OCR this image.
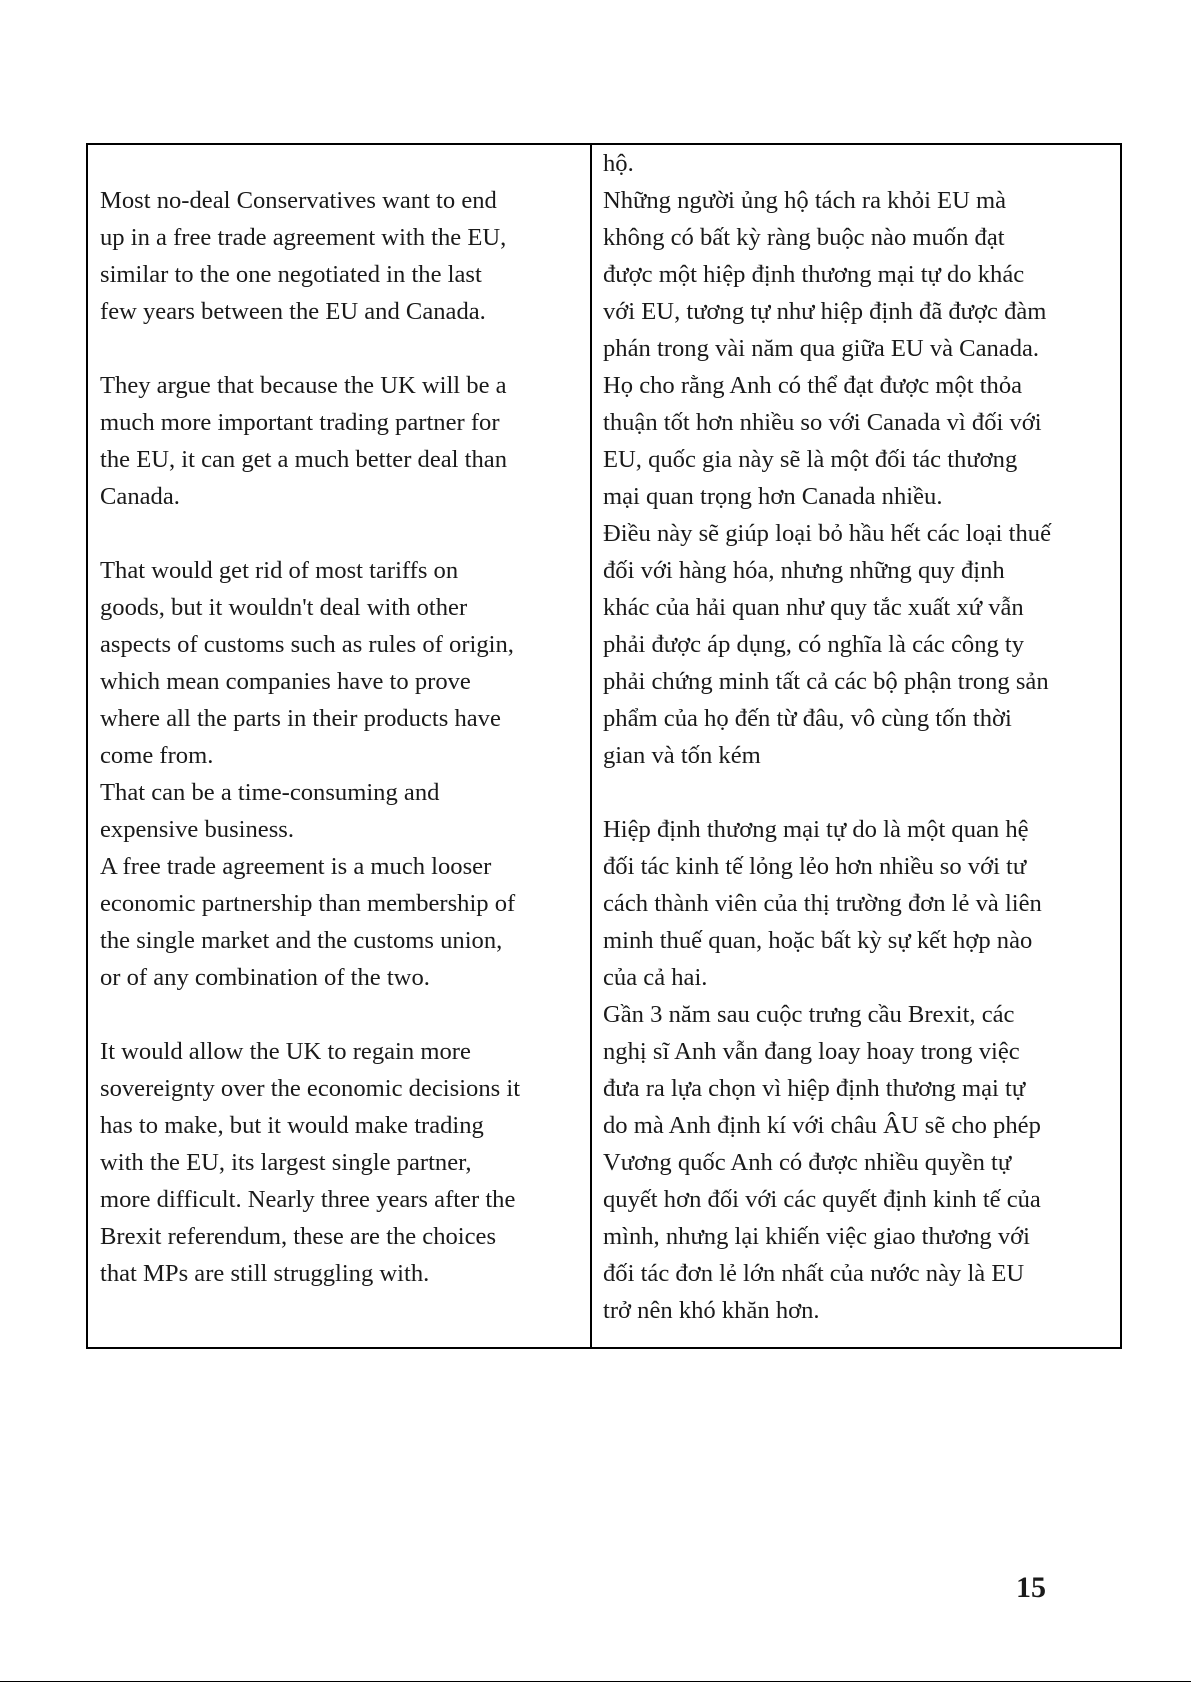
Most no-deal Conservatives want to end
up in a free trade agreement with the EU,
similar to the one negotiated in the last
few years between the EU and Canada.
They argue that because the UK will be a
much more important trading partner for
the EU, it can get a much better deal than
Canada.
That would get rid of most tariffs on
goods, but it wouldn't deal with other
aspects of customs such as rules of origin,
which mean companies have to prove
where all the parts in their products have
come from.
That can be a time-consuming and
expensive business.
A free trade agreement is a much looser
economic partnership than membership of
the single market and the customs union,
or of any combination of the two.
It would allow the UK to regain more
sovereignty over the economic decisions it
has to make, but it would make trading
with the EU, its largest single partner,
more difficult. Nearly three years after the
Brexit referendum, these are the choices
that MPs are still struggling with.
hộ.
Những người ủng hộ tách ra khỏi EU mà
không có bất kỳ ràng buộc nào muốn đạt
được một hiệp định thương mại tự do khác
với EU, tương tự như hiệp định đã được đàm
phán trong vài năm qua giữa EU và Canada.
Họ cho rằng Anh có thể đạt được một thỏa
thuận tốt hơn nhiều so với Canada vì đối với
EU, quốc gia này sẽ là một đối tác thương
mại quan trọng hơn Canada nhiều.
Điều này sẽ giúp loại bỏ hầu hết các loại thuế
đối với hàng hóa, nhưng những quy định
khác của hải quan như quy tắc xuất xứ vẫn
phải được áp dụng, có nghĩa là các công ty
phải chứng minh tất cả các bộ phận trong sản
phẩm của họ đến từ đâu, vô cùng tốn thời
gian và tốn kém
Hiệp định thương mại tự do là một quan hệ
đối tác kinh tế lỏng lẻo hơn nhiều so với tư
cách thành viên của thị trường đơn lẻ và liên
minh thuế quan, hoặc bất kỳ sự kết hợp nào
của cả hai.
Gần 3 năm sau cuộc trưng cầu Brexit, các
nghị sĩ Anh vẫn đang loay hoay trong việc
đưa ra lựa chọn vì hiệp định thương mại tự
do mà Anh định kí với châu ÂU sẽ cho phép
Vương quốc Anh có được nhiều quyền tự
quyết hơn đối với các quyết định kinh tế của
mình, nhưng lại khiến việc giao thương với
đối tác đơn lẻ lớn nhất của nước này là EU
trở nên khó khăn hơn.
15
